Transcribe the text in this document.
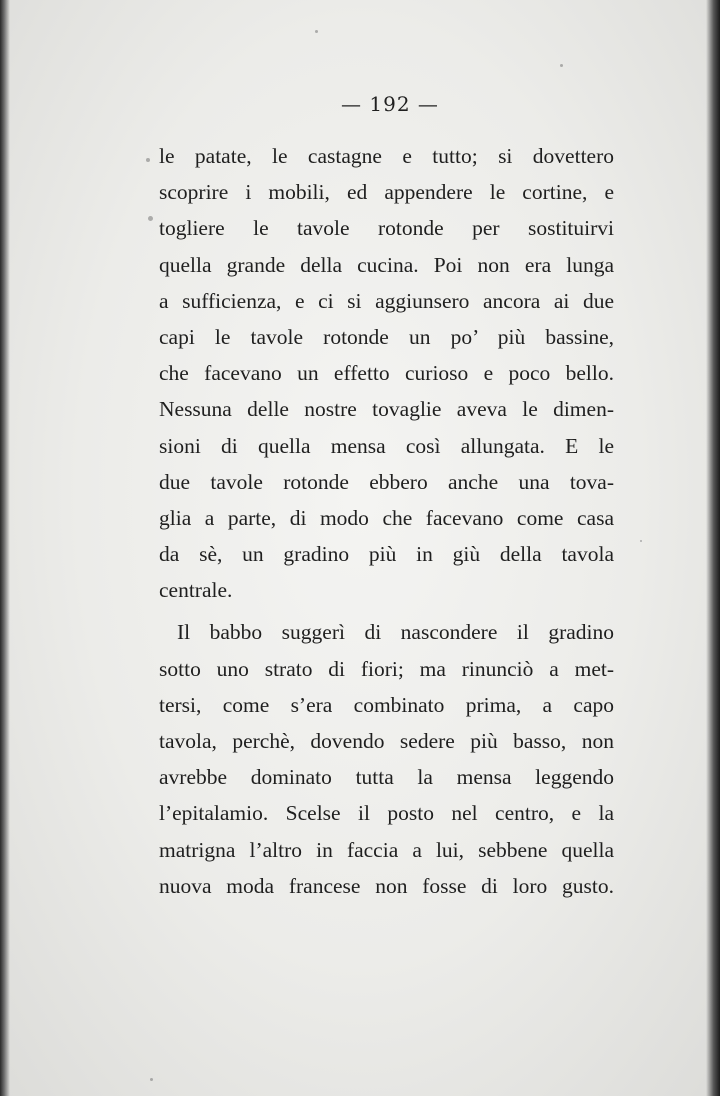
— 192 —
le patate, le castagne e tutto; si dovettero
scoprire i mobili, ed appendere le cortine, e
togliere le tavole rotonde per sostituirvi
quella grande della cucina. Poi non era lunga
a sufficienza, e ci si aggiunsero ancora ai due
capi le tavole rotonde un po’ più bassine,
che facevano un effetto curioso e poco bello.
Nessuna delle nostre tovaglie aveva le dimen-
sioni di quella mensa così allungata. E le
due tavole rotonde ebbero anche una tova-
glia a parte, di modo che facevano come casa
da sè, un gradino più in giù della tavola
centrale.
Il babbo suggerì di nascondere il gradino
sotto uno strato di fiori; ma rinunciò a met-
tersi, come s’era combinato prima, a capo
tavola, perchè, dovendo sedere più basso, non
avrebbe dominato tutta la mensa leggendo
l’epitalamio. Scelse il posto nel centro, e la
matrigna l’altro in faccia a lui, sebbene quella
nuova moda francese non fosse di loro gusto.
